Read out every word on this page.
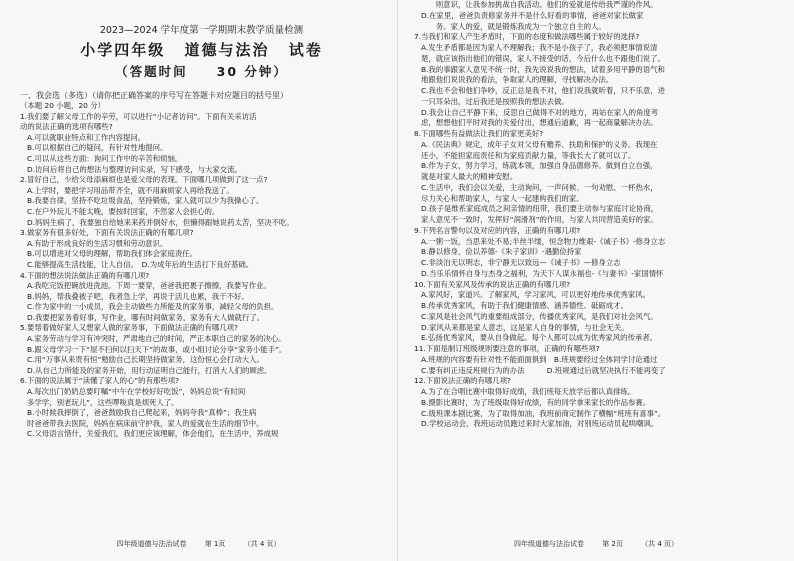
2023—2024 学年度第一学期期末教学质量检测

小学四年级 道德与法治 试卷

（答题时间　　30 分钟）

一、我会选（多选）（请你把正确答案的序号写在答题卡对应题目的括号里）

（本题 20 小题，20 分）

1.我们要了解父母工作的辛劳，可以进行“小记者访问”。下面有关采访活

动的说法正确的选项有哪些?

A.可以就职业特点和工作内容提问。

B.可以根据自己的疑问，有针对性地提问。

C.可以从这些方面：询问工作中的辛苦和烦恼。

D.访问后将自己的想法与整理访问实录，写下感受，与大家交流。

2.冒好自己，少给父母添麻烦也是爱父母的表现。下面哪几项做到了这一点?

A.上学时，要把学习用品带齐全，就不用麻烦家人再给我送了。

B.我要自律，坚持不吃垃圾食品，坚持锻炼，家人就可以少为我操心了。

C.在户外玩儿不能太晚，要按时回家，不然家人会担心的。

D.妈妈生病了，我要独自给她来来药并倒好水，但懒得跟她说药太苦，坚决不吃。

3.做家务有很多好处，下面有关说法正确的有哪几项?

A.有助于形成良好的生活习惯和劳动意识。

B.可以增进对父母的理解，帮助我们体会家庭责任。

C.能够提高生活技能，让人自信。　D.为成年后的生活打下良好基础。

4.下面的想法说法做法正确的有哪几项?

A.我吃完饭把碗放进洗池。下周一要穿，爸爸我把裹子擦擦，我要写作业。

B.妈妈，帮我叠被子吧，我者急上学，再说于活儿也累，我干不好。

C.作为家中的一小成员，我会主动做些力所能及的家务事，减轻父母的负担。

D.我要把家务看好事，写作业，哪有时间做家务，家务有大人做就行了。

5.要帮着做好家人又想家人做的家务事，下面做法正确的有哪几项?

A.家务劳动与学习有冲突时，严肃地自己的时间，严正本职自己的家务的决心。

B.跟父母学习一下“屋不扫何以扫天下”的故事，或小组讨论分享“家务小能手”。

C.用“万事从来贵有恒”勉励自己长期坚持做家务，这份恒心会打动大人。

D.从自己力所能及的家务开始，用行动证明自己能行，打消大人们的顾虑。

6.下面的说法属于“读懂了家人的心”的有那些项?

A.每次出门奶奶总要叮嘱“中午在学校好好吃饭”，妈妈总说“有时间

多学学，别老玩儿”，这些啰唆真是烦死人了。

B.小时候我摔倒了，爸爸鼓励我自己爬起来，妈妈夸我“真棒”；我生病

时爸爸带我去医院，妈妈在病床前守护我，家人的爱就在生活的细节中。

C.父母语言惜什，关爱我们，我们更应该理解，体会他们，在生活中，养成规

四年级道德与法治试卷	第 1页	（共 4 页）

　　则意识，让我参加挑战自我活动。他们的爱就是传给我严谨的作风。

D.在家里，爸爸负责修家务并不是什么好看的事情，爸爸对家长做家

　　务。家人的爱，就是锻炼我成为一个独立自主的人。

7.当我们和家人产生矛盾时，下面的态度和做法哪些属于较好的选择?

A.发生矛盾都是因为家人不理解我；我不是小孩子了，我必须把事情说清

楚，就应该指出他们的错误，家人不接受的话，今后什么也不跟他们说了。

B.我的事跟家人意见不统一时，我先说说我的想法，试着多用平静的语气和

地跟他们说说我的看法，争取家人的理解，寻找解决办法。

C.我也不会和他们争吵，反正总是我不对，他们说我就听着，只不乐意，进

一只耳朵出，过后我还是按照我的想法去做。

D.我会让自己平静下来，反思自己做得不对的地方，再站在家人的角度考

虑，想想他们平时对我的关爱付出，想通后道歉，再一起商量解决办法。

8.下面哪些有益做法让我们的家更美好?

A.《民法典》规定，成年子女对父母有赡养、扶助和保护的义务。我现在

还小，不能担家庭责任和为家庭贡献力量，等我长大了就可以了。

B.作为子女，努力学习，练就本领，加强自身品德修养。做到自立自强，

就是对家人最大的精神安慰。

C.生活中，我们会以关爱，主动询问，一声问候、一句劝慰、一杯热水，

尽力关心和帮助家人，与家人一起建构我们的家。

D.孩子是维系家庭成员之间亲情的纽带，我们要主动参与家庭讨论协商，

家人意见不一致时，发挥好“润滑剂”的作用，与家人共同营造美好的家。

9.下列名言警句以及对应的内容，正确的有哪几项?

A.一粥一饭，当思来处不易;半丝半缕，恒念物力维艰-《诫子书》-修身立志

B.静以修身，俭以养德-《朱子家训》-遇勤俭持家

C.非淡泊无以明志，非宁静无以致远—《诫子书》—修身立志

D.当乐乐情怀自身与杰身之福利，为天下人谋永福也-《与妻书》-家国情怀

10.下面有关家风及传承的说法正确的有哪几项?

A.家风好，家道兴。了解家风，学习家风，可以更好地传承优秀家风。

B.传承优秀家风，有助于我们健康情感、涵养德性、砥砺成才。

C.家风是社会风气的重要组成部分，传播优秀家风，是我们对社会风气。

D.家风从来都是家人意志，这是家人自身的事情，与社会无关。

E.弘扬优秀家风，要从自身做起。每个人都可以成为优秀家风的传承者。

11.下面是制订班级规则要注意的事项，正确的有哪些项?

A.班规的内容要有针对性不能面面俱到　B.班规要经过全体同学讨论通过

C.要有纠正违反班规行为的办法　　　D.班规通过后就坚决执行不能再变了

12.下面说法正确的有哪几项?

A.为了在合唱比赛中取得好成绩，我们班每天放学后都认真排练。

B.摄影比赛时，为了班级取得好成绩，有的同学拿来家长的作品参赛。

C.级班课本剧比赛，为了取得加油，我班前商定制作了横幅“班班有喜事”。

D.学校运动会，我班运动员跑过来时大家加油，对别班运动员起哄嘲讽。

四年级道德与法治试卷	第 2页	（共 4 页）
